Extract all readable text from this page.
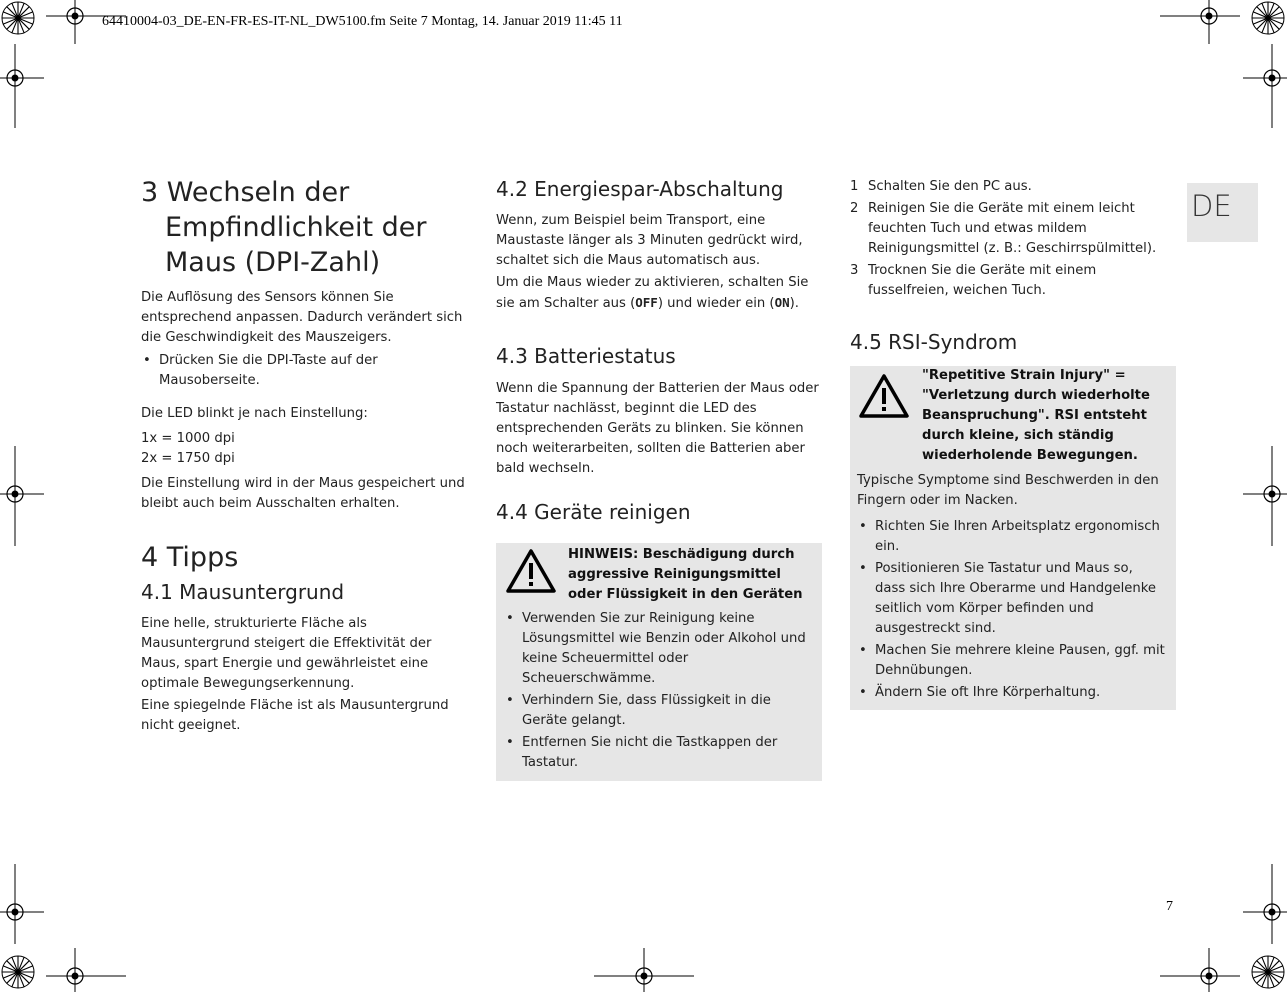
64410004-03_DE-EN-FR-ES-IT-NL_DW5100.fm Seite 7 Montag, 14. Januar 2019 11:45 11
DE
3 Wechseln der
Empfindlichkeit der
Maus (DPI-Zahl)

Die Auflösung des Sensors können Sie entsprechend anpassen. Dadurch verändert sich die Geschwindigkeit des Mauszeigers.

• Drücken Sie die DPI-Taste auf der Mausoberseite.

Die LED blinkt je nach Einstellung:

1x = 1000 dpi

2x = 1750 dpi

Die Einstellung wird in der Maus gespeichert und bleibt auch beim Ausschalten erhalten.

4 Tipps
4.1 Mausuntergrund

Eine helle, strukturierte Fläche als Mausuntergrund steigert die Effektivität der Maus, spart Energie und gewährleistet eine optimale Bewegungserkennung.

Eine spiegelnde Fläche ist als Mausuntergrund nicht geeignet.

4.2 Energiespar-Abschaltung

Wenn, zum Beispiel beim Transport, eine Maustaste länger als 3 Minuten gedrückt wird, schaltet sich die Maus automatisch aus.

Um die Maus wieder zu aktivieren, schalten Sie sie am Schalter aus (OFF) und wieder ein (ON).

4.3 Batteriestatus

Wenn die Spannung der Batterien der Maus oder Tastatur nachlässt, beginnt die LED des entsprechenden Geräts zu blinken. Sie können noch weiterarbeiten, sollten die Batterien aber bald wechseln.

4.4 Geräte reinigen
HINWEIS: Beschädigung durch aggressive Reinigungsmittel oder Flüssigkeit in den Geräten
• Verwenden Sie zur Reinigung keine Lösungsmittel wie Benzin oder Alkohol und keine Scheuermittel oder Scheuerschwämme.
• Verhindern Sie, dass Flüssigkeit in die Geräte gelangt.
• Entfernen Sie nicht die Tastkappen der Tastatur.
1 Schalten Sie den PC aus.
2 Reinigen Sie die Geräte mit einem leicht feuchten Tuch und etwas mildem Reinigungsmittel (z. B.: Geschirrspülmittel).
3 Trocknen Sie die Geräte mit einem fusselfreien, weichen Tuch.
4.5 RSI-Syndrom
"Repetitive Strain Injury" = "Verletzung durch wiederholte Beanspruchung". RSI entsteht durch kleine, sich ständig wiederholende Bewegungen.

Typische Symptome sind Beschwerden in den Fingern oder im Nacken.

• Richten Sie Ihren Arbeitsplatz ergonomisch ein.
• Positionieren Sie Tastatur und Maus so, dass sich Ihre Oberarme und Handgelenke seitlich vom Körper befinden und ausgestreckt sind.
• Machen Sie mehrere kleine Pausen, ggf. mit Dehnübungen.
• Ändern Sie oft Ihre Körperhaltung.
7
